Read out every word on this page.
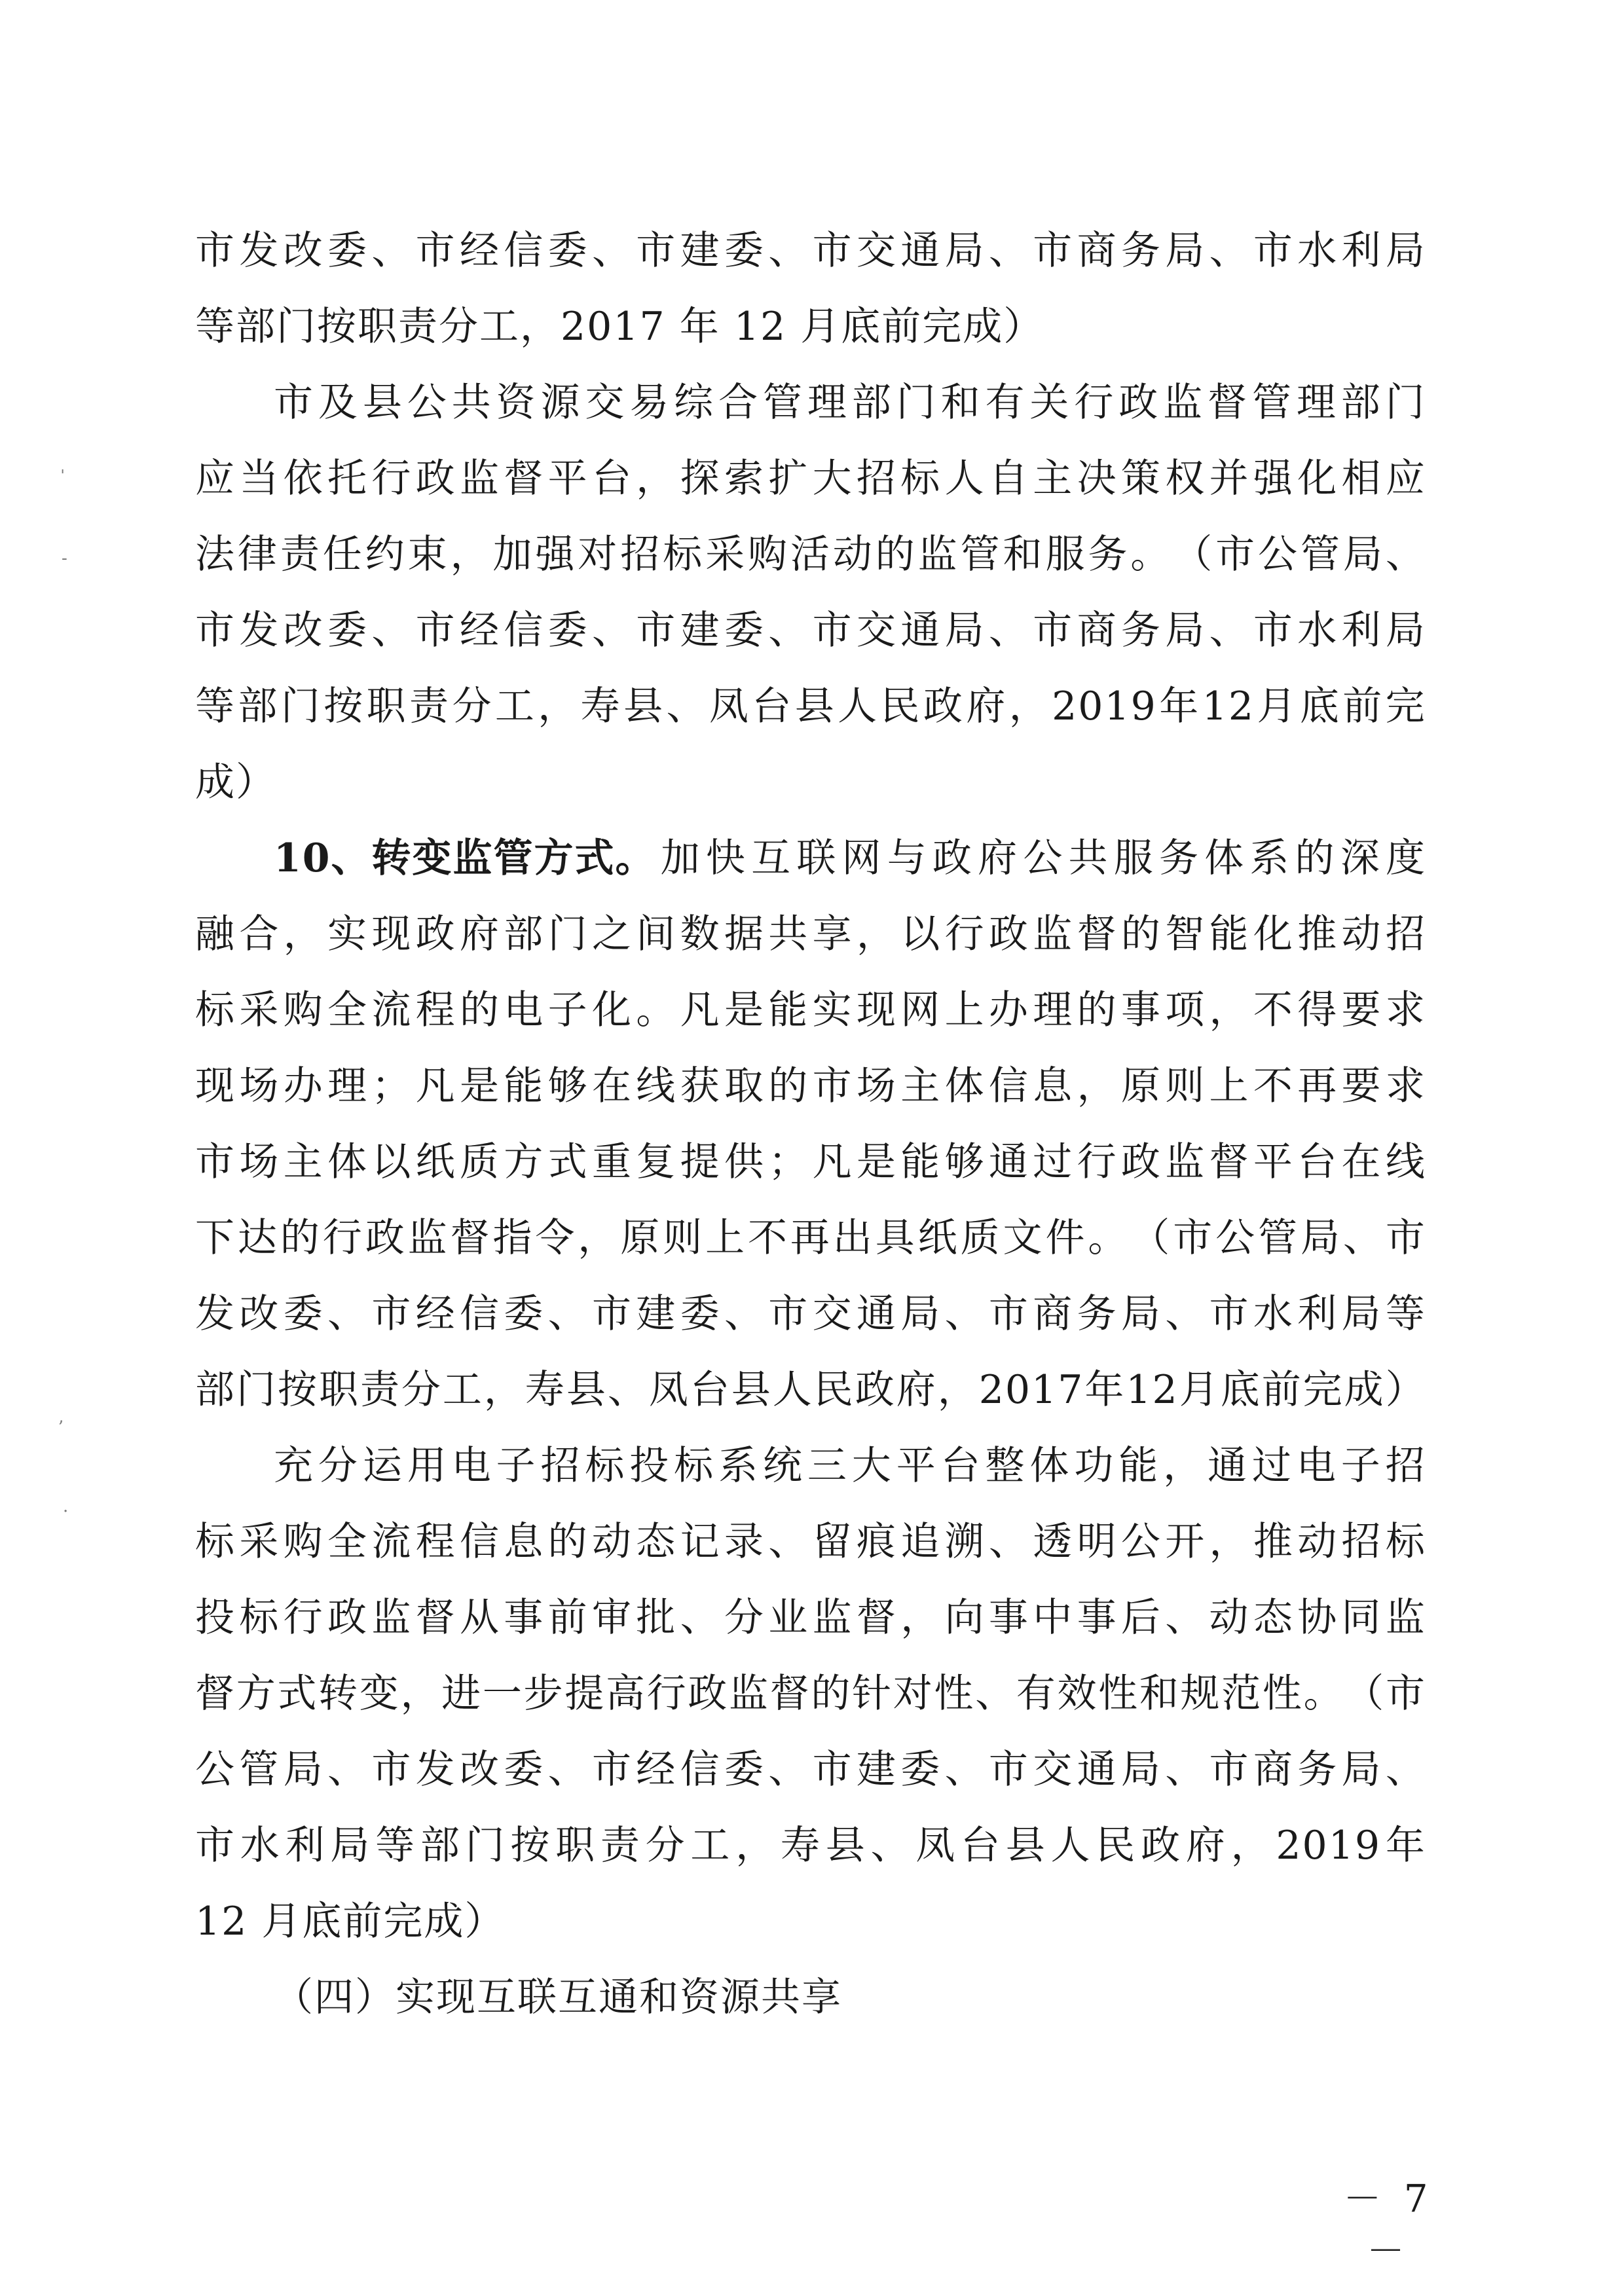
市 发 改 委 、 市 经 信 委 、 市 建 委 、 市 交 通 局 、 市 商 务 局 、 市 水 利 局
等部门按职责分工，2017 年 12 月底前完成）
市 及 县 公 共 资 源 交 易 综 合 管 理 部 门 和 有 关 行 政 监 督 管 理 部 门
应 当 依 托 行 政 监 督 平 台 ， 探 索 扩 大 招 标 人 自 主 决 策 权 并 强 化 相 应
法 律 责 任 约 束 ， 加 强 对 招 标 采 购 活 动 的 监 管 和 服 务 。 （ 市 公 管 局 、
市 发 改 委 、 市 经 信 委 、 市 建 委 、 市 交 通 局 、 市 商 务 局 、 市 水 利 局
等 部 门 按 职 责 分 工 ， 寿 县 、 凤 台 县 人 民 政 府 ， 2019 年 12 月 底 前 完
成）
10、转变监管方式。 加 快 互 联 网 与 政 府 公 共 服 务 体 系 的 深 度
融 合 ， 实 现 政 府 部 门 之 间 数 据 共 享 ， 以 行 政 监 督 的 智 能 化 推 动 招
标 采 购 全 流 程 的 电 子 化 。 凡 是 能 实 现 网 上 办 理 的 事 项 ， 不 得 要 求
现 场 办 理 ； 凡 是 能 够 在 线 获 取 的 市 场 主 体 信 息 ， 原 则 上 不 再 要 求
市 场 主 体 以 纸 质 方 式 重 复 提 供 ； 凡 是 能 够 通 过 行 政 监 督 平 台 在 线
下 达 的 行 政 监 督 指 令 ， 原 则 上 不 再 出 具 纸 质 文 件 。 （ 市 公 管 局 、 市
发 改 委 、 市 经 信 委 、 市 建 委 、 市 交 通 局 、 市 商 务 局 、 市 水 利 局 等
部 门 按 职 责 分 工 ， 寿 县 、 凤 台 县 人 民 政 府 ， 2017 年 12 月 底 前 完 成 ）
充 分 运 用 电 子 招 标 投 标 系 统 三 大 平 台 整 体 功 能 ， 通 过 电 子 招
标 采 购 全 流 程 信 息 的 动 态 记 录 、 留 痕 追 溯 、 透 明 公 开 ， 推 动 招 标
投 标 行 政 监 督 从 事 前 审 批 、 分 业 监 督 ， 向 事 中 事 后 、 动 态 协 同 监
督 方 式 转 变 ， 进 一 步 提 高 行 政 监 督 的 针 对 性 、 有 效 性 和 规 范 性 。 （ 市
公 管 局 、 市 发 改 委 、 市 经 信 委 、 市 建 委 、 市 交 通 局 、 市 商 务 局 、
市 水 利 局 等 部 门 按 职 责 分 工 ， 寿 县 、 凤 台 县 人 民 政 府 ， 2019 年
12 月底前完成）
（四）实现互联互通和资源共享
－ 7 －
ˈ
-
ʼ
·
